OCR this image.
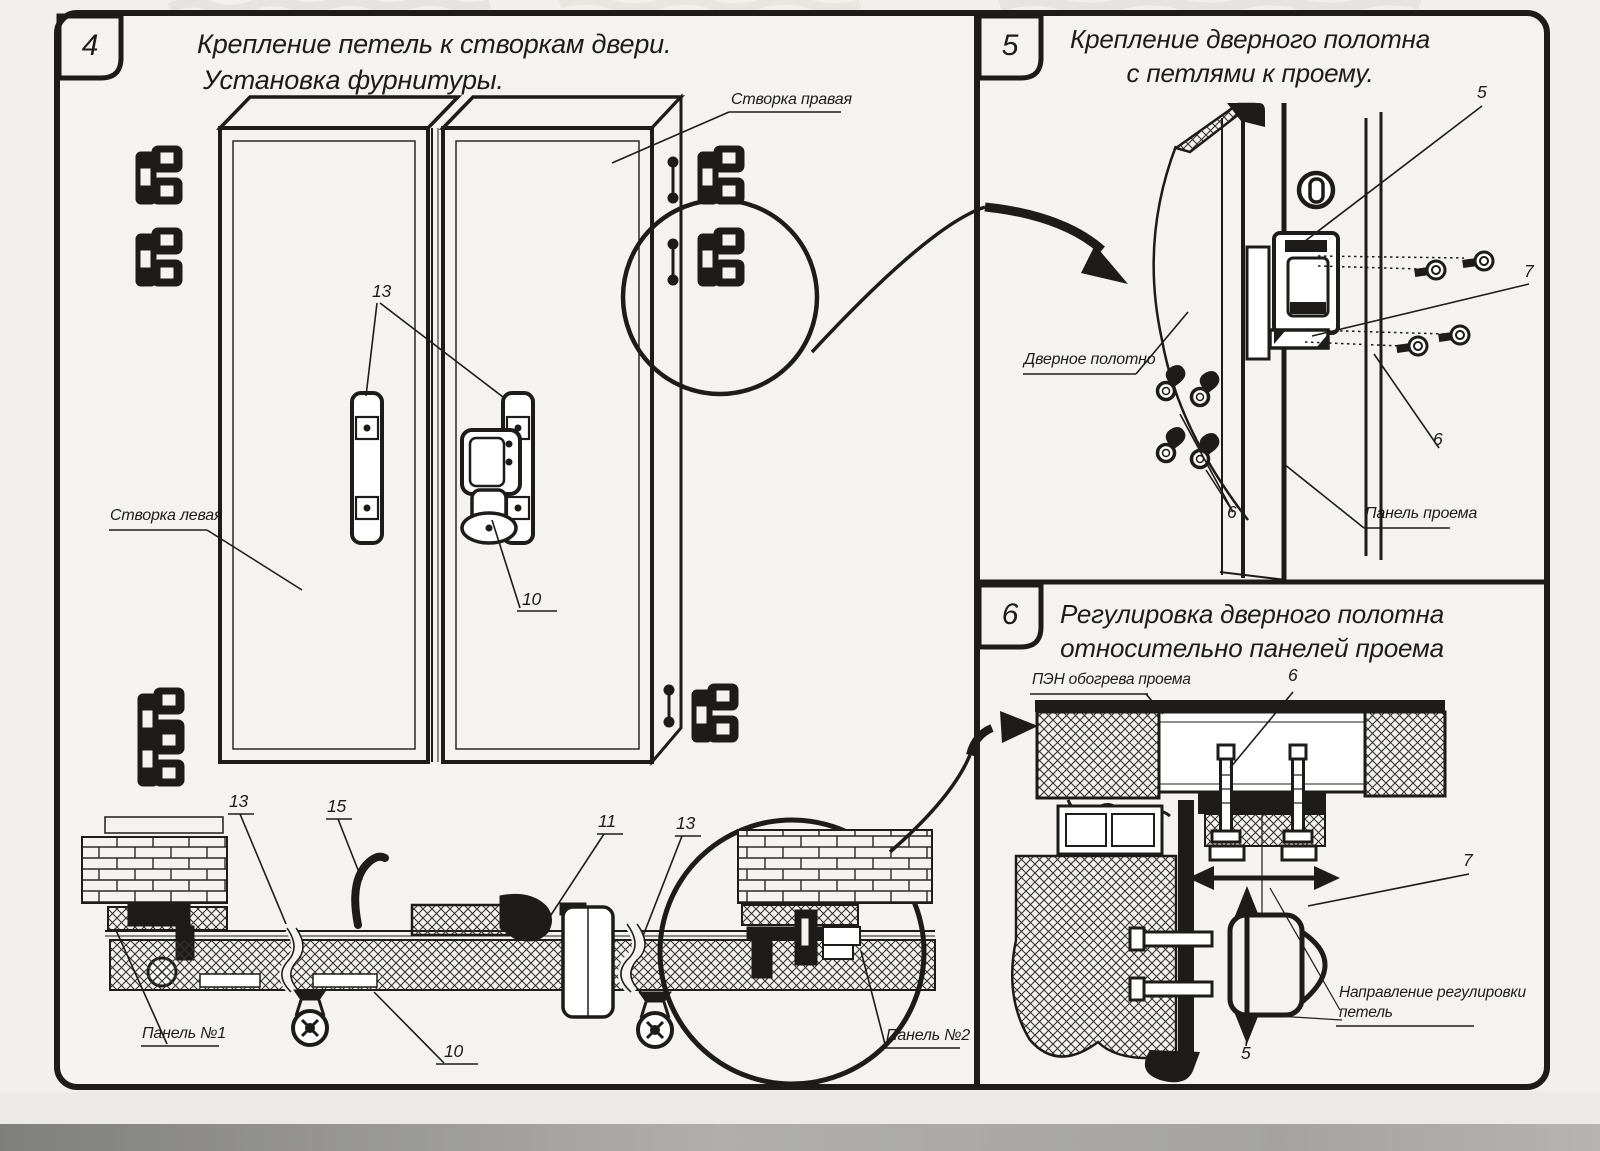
4	5
6
Крепление петель к створкам двери.
Установка фурнитуры.
Крепление дверного полотна
с петлями к проему.
Регулировка дверного полотна
относительно панелей проема
Створка правая
Створка левая
Панель №1	Панель №2
13
10
13	15
11	13
10
Дверное полотно
Панель проема
5
7
6
6
ПЭН обогрева проема	6
7
Направление регулировки
петель
5
